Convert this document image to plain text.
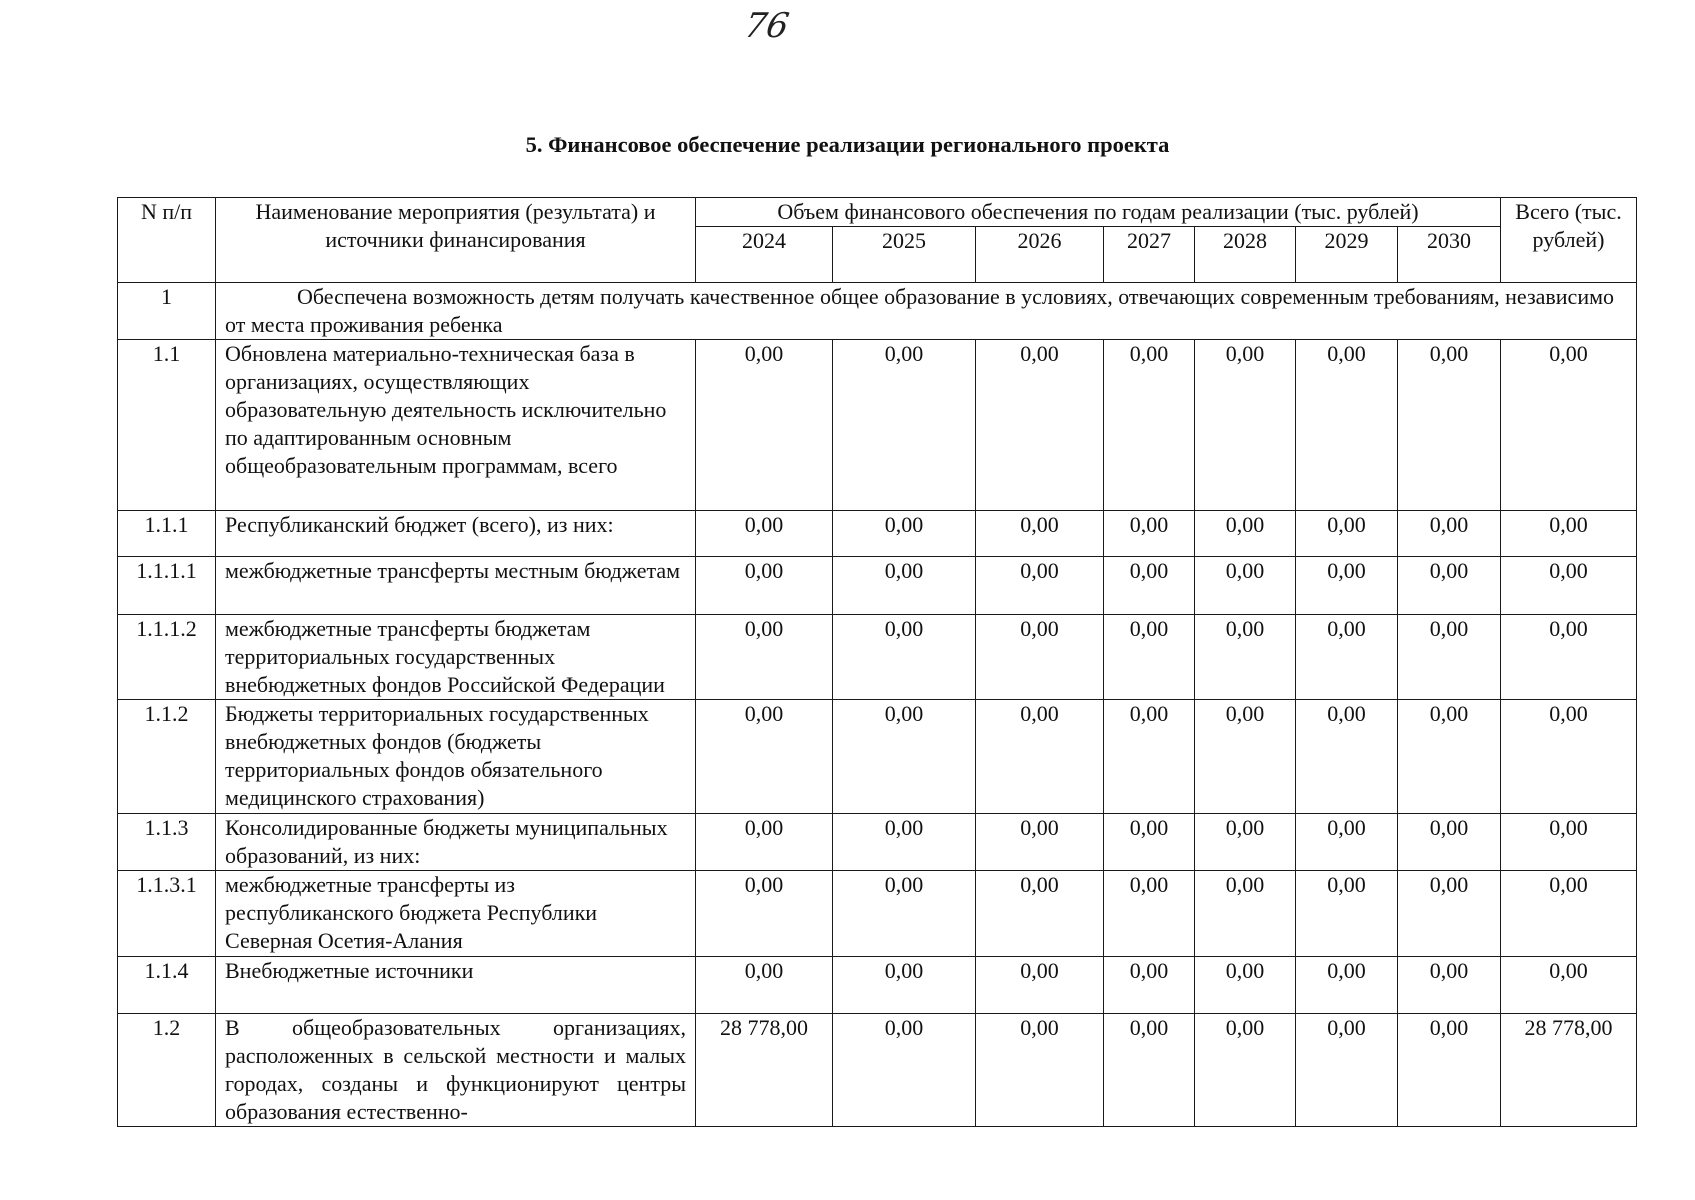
76
5. Финансовое обеспечение реализации регионального проекта
N п/п	Наименование мероприятия (результата) и источники финансирования	Объем финансового обеспечения по годам реализации (тыс. рублей)							Всего (тыс. рублей)
		2024	2025	2026	2027	2028	2029	2030	
1	Обеспечена возможность детям получать качественное общее образование в условиях, отвечающих современным требованиям, независимо от места проживания ребенка								
1.1	Обновлена материально-техническая база в организациях, осуществляющих образовательную деятельность исключительно по адаптированным основным общеобразовательным программам, всего	0,00	0,00	0,00	0,00	0,00	0,00	0,00	0,00
1.1.1	Республиканский бюджет (всего), из них:	0,00	0,00	0,00	0,00	0,00	0,00	0,00	0,00
1.1.1.1	межбюджетные трансферты местным бюджетам	0,00	0,00	0,00	0,00	0,00	0,00	0,00	0,00
1.1.1.2	межбюджетные трансферты бюджетам территориальных государственных внебюджетных фондов Российской Федерации	0,00	0,00	0,00	0,00	0,00	0,00	0,00	0,00
1.1.2	Бюджеты территориальных государственных внебюджетных фондов (бюджеты территориальных фондов обязательного медицинского страхования)	0,00	0,00	0,00	0,00	0,00	0,00	0,00	0,00
1.1.3	Консолидированные бюджеты муниципальных образований, из них:	0,00	0,00	0,00	0,00	0,00	0,00	0,00	0,00
1.1.3.1	межбюджетные трансферты из республиканского бюджета Республики Северная Осетия-Алания	0,00	0,00	0,00	0,00	0,00	0,00	0,00	0,00
1.1.4	Внебюджетные источники	0,00	0,00	0,00	0,00	0,00	0,00	0,00	0,00
1.2	В общеобразовательных организациях, расположенных в сельской местности и малых городах, созданы и функционируют центры образования естественно-	28 778,00	0,00	0,00	0,00	0,00	0,00	0,00	28 778,00
